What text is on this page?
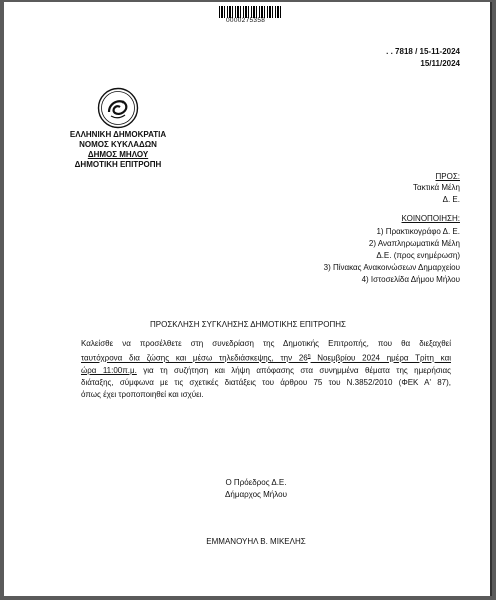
0000275358
. . 7818 / 15-11-2024
15/11/2024
ΕΛΛΗΝΙΚΗ ΔΗΜΟΚΡΑΤΙΑ
ΝΟΜΟΣ ΚΥΚΛΑΔΩΝ
ΔΗΜΟΣ ΜΗΛΟΥ
ΔΗΜΟΤΙΚΗ ΕΠΙΤΡΟΠΗ
ΠΡΟΣ:
Τακτικά Μέλη
Δ. Ε.
ΚΟΙΝΟΠΟΙΗΣΗ:
1) Πρακτικογράφο Δ. Ε.
2) Αναπληρωματικά Μέλη
Δ.Ε. (προς ενημέρωση)
3) Πίνακας Ανακοινώσεων Δημαρχείου
4) Ιστοσελίδα Δήμου Μήλου
ΠΡΟΣΚΛΗΣΗ ΣΥΓΚΛΗΣΗΣ ΔΗΜΟΤΙΚΗΣ ΕΠΙΤΡΟΠΗΣ
Καλείσθε να προσέλθετε στη συνεδρίαση της Δημοτικής Επιτροπής, που θα διεξαχθεί
ταυτόχρονα δια ζώσης και μέσω τηλεδιάσκεψης, την $26^\eta$ Νοεμβρίου 2024 ημέρα Τρίτη και
ώρα 11:00π.μ. για τη συζήτηση και λήψη απόφασης στα συνημμένα θέματα της ημερήσιας
διάταξης, σύμφωνα με τις σχετικές διατάξεις του άρθρου 75 του Ν.3852/2010 (ΦΕΚ Α' 87),
όπως έχει τροποποιηθεί και ισχύει.
Ο Πρόεδρος Δ.Ε.
Δήμαρχος Μήλου
ΕΜΜΑΝΟΥΗΛ Β. ΜΙΚΕΛΗΣ
